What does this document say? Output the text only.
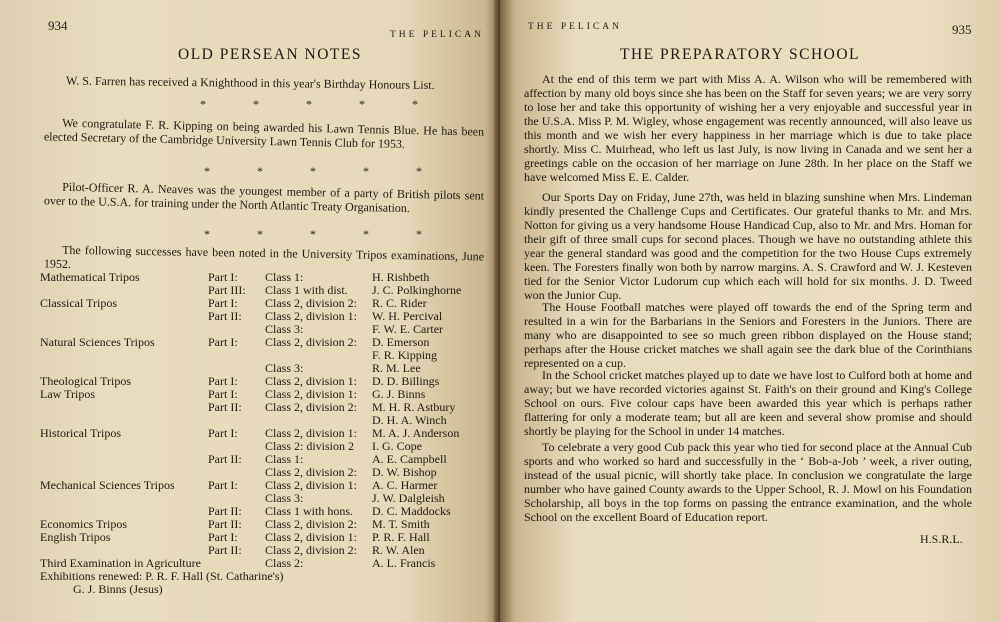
934
THE PELICAN
OLD PERSEAN NOTES
W. S. Farren has received a Knighthood in this year's Birthday Honours List.
* * * * *
We congratulate F. R. Kipping on being awarded his Lawn Tennis Blue. He has been elected Secretary of the Cambridge University Lawn Tennis Club for 1953.
* * * * *
Pilot-Officer R. A. Neaves was the youngest member of a party of British pilots sent over to the U.S.A. for training under the North Atlantic Treaty Organisation.
* * * * *
The following successes have been noted in the University Tripos examinations, June 1952.
Mathematical Tripos	Part I: Class 1:	H. Rishbeth
Part III: Class 1 with dist. J. C. Polkinghorne
Classical Tripos	Part I: Class 2, division 2: R. C. Rider
Part II: Class 2, division 1: W. H. Percival
Class 3:	F. W. E. Carter
Natural Sciences Tripos	Part I: Class 2, division 2: D. Emerson
F. R. Kipping
Class 3:	R. M. Lee
Theological Tripos	Part I: Class 2, division 1: D. D. Billings
Law Tripos	Part I: Class 2, division 1: G. J. Binns
Part II: Class 2, division 2: M. H. R. Astbury
D. H. A. Winch
Historical Tripos	Part I: Class 2, division 1: M. A. J. Anderson
Class 2: division 2 I. G. Cope
Part II: Class 1:	A. E. Campbell
Class 2, division 2: D. W. Bishop
Mechanical Sciences Tripos	Part I: Class 2, division 1: A. C. Harmer
Class 3:	J. W. Dalgleish
Part II: Class 1 with hons. D. C. Maddocks
Economics Tripos	Part II: Class 2, division 2: M. T. Smith
English Tripos	Part I: Class 2, division 1: P. R. F. Hall
Part II: Class 2, division 2: R. W. Alen
Third Examination in Agriculture	Class 2:	A. L. Francis
Exhibitions renewed: P. R. F. Hall (St. Catharine's)
G. J. Binns (Jesus)
THE PELICAN	935
THE PREPARATORY SCHOOL
At the end of this term we part with Miss A. A. Wilson who will be remembered with affection by many old boys since she has been on the Staff for seven years; we are very sorry to lose her and take this opportunity of wishing her a very enjoyable and successful year in the U.S.A. Miss P. M. Wigley, whose engagement was recently announced, will also leave us this month and we wish her every happiness in her marriage which is due to take place shortly. Miss C. Muirhead, who left us last July, is now living in Canada and we sent her a greetings cable on the occasion of her marriage on June 28th. In her place on the Staff we have welcomed Miss E. E. Calder.
Our Sports Day on Friday, June 27th, was held in blazing sunshine when Mrs. Lindeman kindly presented the Challenge Cups and Certificates. Our grateful thanks to Mr. and Mrs. Notton for giving us a very handsome House Handicad Cup, also to Mr. and Mrs. Homan for their gift of three small cups for second places. Though we have no outstanding athlete this year the general standard was good and the competition for the two House Cups extremely keen. The Foresters finally won both by narrow margins. A. S. Crawford and W. J. Kesteven tied for the Senior Victor Ludorum cup which each will hold for six months. J. D. Tweed won the Junior Cup.
The House Football matches were played off towards the end of the Spring term and resulted in a win for the Barbarians in the Seniors and Foresters in the Juniors. There are many who are disappointed to see so much green ribbon displayed on the House stand; perhaps after the House cricket matches we shall again see the dark blue of the Corinthians represented on a cup.
In the School cricket matches played up to date we have lost to Culford both at home and away; but we have recorded victories against St. Faith's on their ground and King's College School on ours. Five colour caps have been awarded this year which is perhaps rather flattering for only a moderate team; but all are keen and several show promise and should shortly be playing for the School in under 14 matches.
To celebrate a very good Cub pack this year who tied for second place at the Annual Cub sports and who worked so hard and successfully in the ‘ Bob-a-Job ’ week, a river outing, instead of the usual picnic, will shortly take place. In conclusion we congratulate the large number who have gained County awards to the Upper School, R. J. Mowl on his Foundation Scholarship, all boys in the top forms on passing the entrance examination, and the whole School on the excellent Board of Education report.
H.S.R.L.
